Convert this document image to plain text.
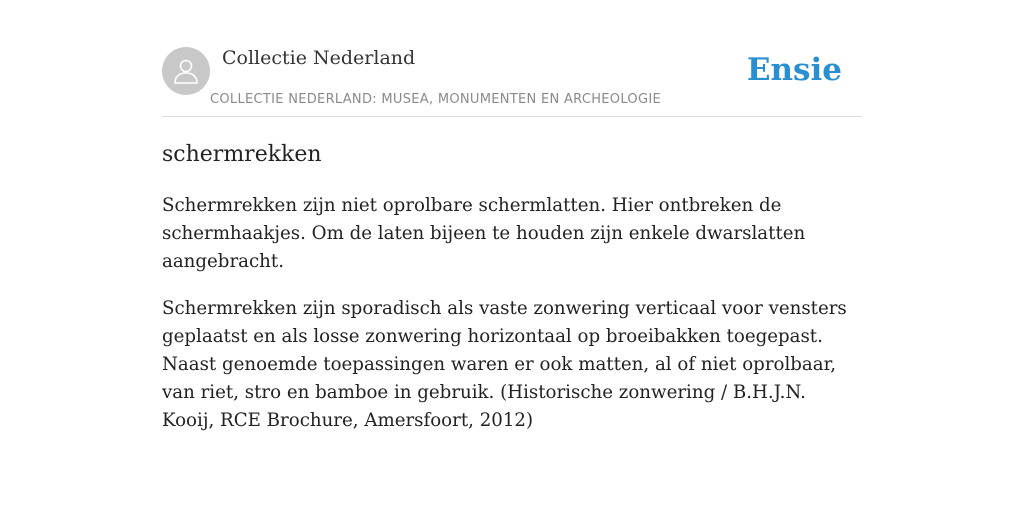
Collectie Nederland
COLLECTIE NEDERLAND: MUSEA, MONUMENTEN EN ARCHEOLOGIE
Ensie
schermrekken

Schermrekken zijn niet oprolbare schermlatten. Hier ontbreken de schermhaakjes. Om de laten bijeen te houden zijn enkele dwarslatten aangebracht.

Schermrekken zijn sporadisch als vaste zonwering verticaal voor vensters geplaatst en als losse zonwering horizontaal op broeibakken toegepast. Naast genoemde toepassingen waren er ook matten, al of niet oprolbaar, van riet, stro en bamboe in gebruik. (Historische zonwering / B.H.J.N. Kooij, RCE Brochure, Amersfoort, 2012)
